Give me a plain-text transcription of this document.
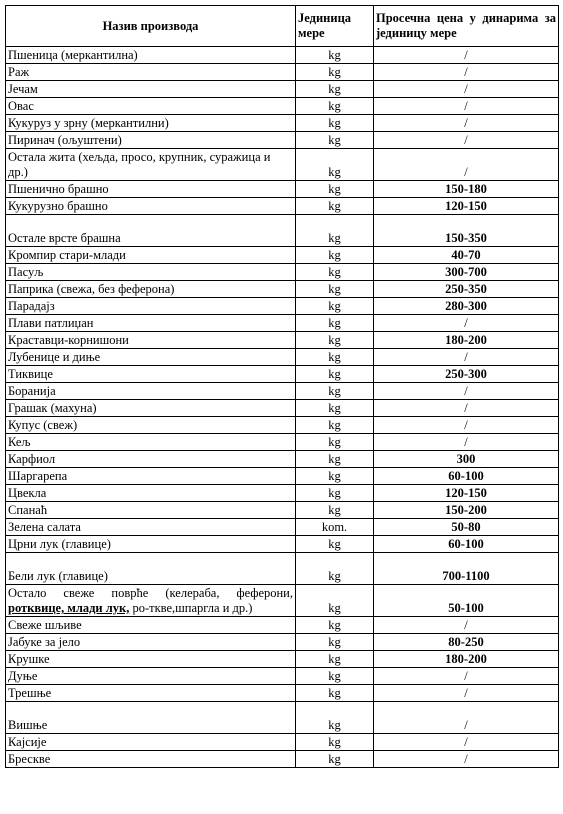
Назив производа	Јединица мере	Просечна цена у динарима за јединицу мере
Пшеница (меркантилна)	kg	/
Раж	kg	/
Јечам	kg	/
Овас	kg	/
Кукуруз у зрну (меркантилни)	kg	/
Пиринач (ољуштени)	kg	/
Остала жита (хељда, просо, крупник, суражица и др.)	kg	/
Пшенично брашно	kg	150-180
Кукурузно брашно	kg	120-150
Остале врсте брашна	kg	150-350
Кромпир стари-млади	kg	40-70
Пасуљ	kg	300-700
Паприка (свежа, без феферона)	kg	250-350
Парадајз	kg	280-300
Плави патлиџан	kg	/
Краставци-корнишони	kg	180-200
Лубенице и диње	kg	/
Тиквице	kg	250-300
Боранија	kg	/
Грашак (махуна)	kg	/
Купус (свеж)	kg	/
Кељ	kg	/
Карфиол	kg	300
Шаргарепа	kg	60-100
Цвекла	kg	120-150
Спанаћ	kg	150-200
Зелена салата	kom.	50-80
Црни лук (главице)	kg	60-100
Бели лук (главице)	kg	700-1100
Остало свеже поврће (келераба, феферони, ротквице, млади лук, ро-ткве,шпаргла и др.)	kg	50-100
Свеже шљиве	kg	/
Јабуке за јело	kg	80-250
Крушке	kg	180-200
Дуње	kg	/
Трешње	kg	/
Вишње	kg	/
Кајсије	kg	/
Брескве	kg	/
